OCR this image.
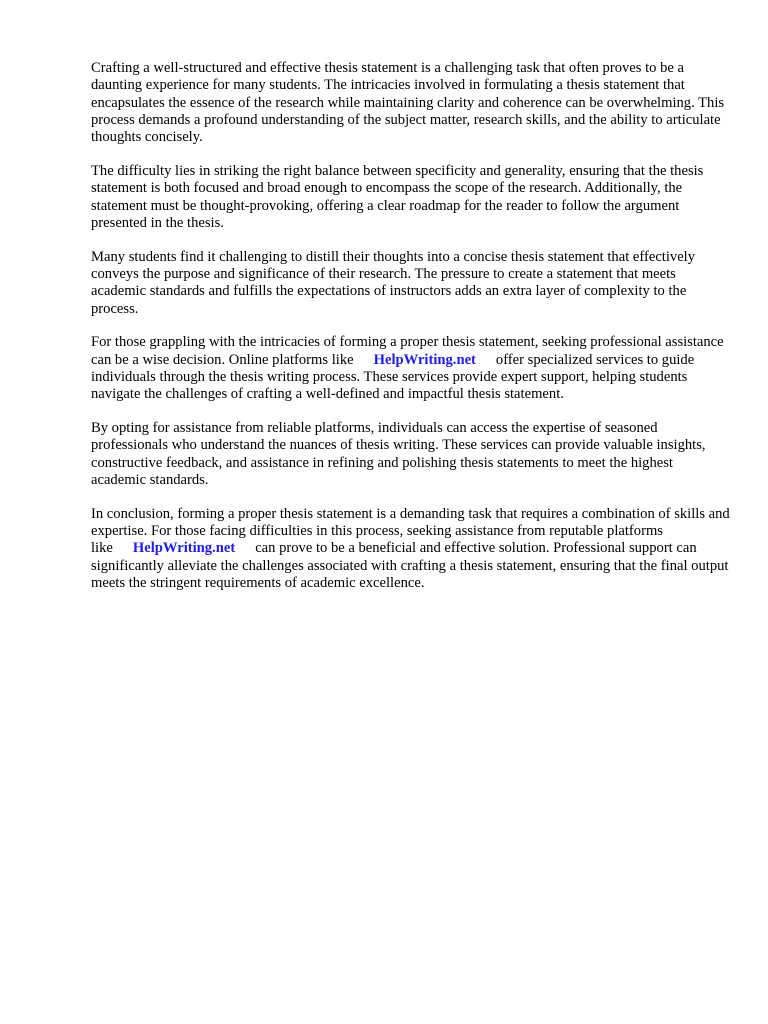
Crafting a well-structured and effective thesis statement is a challenging task that often proves to be a daunting experience for many students. The intricacies involved in formulating a thesis statement that encapsulates the essence of the research while maintaining clarity and coherence can be overwhelming. This process demands a profound understanding of the subject matter, research skills, and the ability to articulate thoughts concisely.

The difficulty lies in striking the right balance between specificity and generality, ensuring that the thesis statement is both focused and broad enough to encompass the scope of the research. Additionally, the statement must be thought-provoking, offering a clear roadmap for the reader to follow the argument presented in the thesis.

Many students find it challenging to distill their thoughts into a concise thesis statement that effectively conveys the purpose and significance of their research. The pressure to create a statement that meets academic standards and fulfills the expectations of instructors adds an extra layer of complexity to the process.

For those grappling with the intricacies of forming a proper thesis statement, seeking professional assistance can be a wise decision. Online platforms like HelpWriting.net offer specialized services to guide individuals through the thesis writing process. These services provide expert support, helping students navigate the challenges of crafting a well-defined and impactful thesis statement.

By opting for assistance from reliable platforms, individuals can access the expertise of seasoned professionals who understand the nuances of thesis writing. These services can provide valuable insights, constructive feedback, and assistance in refining and polishing thesis statements to meet the highest academic standards.

In conclusion, forming a proper thesis statement is a demanding task that requires a combination of skills and expertise. For those facing difficulties in this process, seeking assistance from reputable platforms like HelpWriting.net can prove to be a beneficial and effective solution. Professional support can significantly alleviate the challenges associated with crafting a thesis statement, ensuring that the final output meets the stringent requirements of academic excellence.
